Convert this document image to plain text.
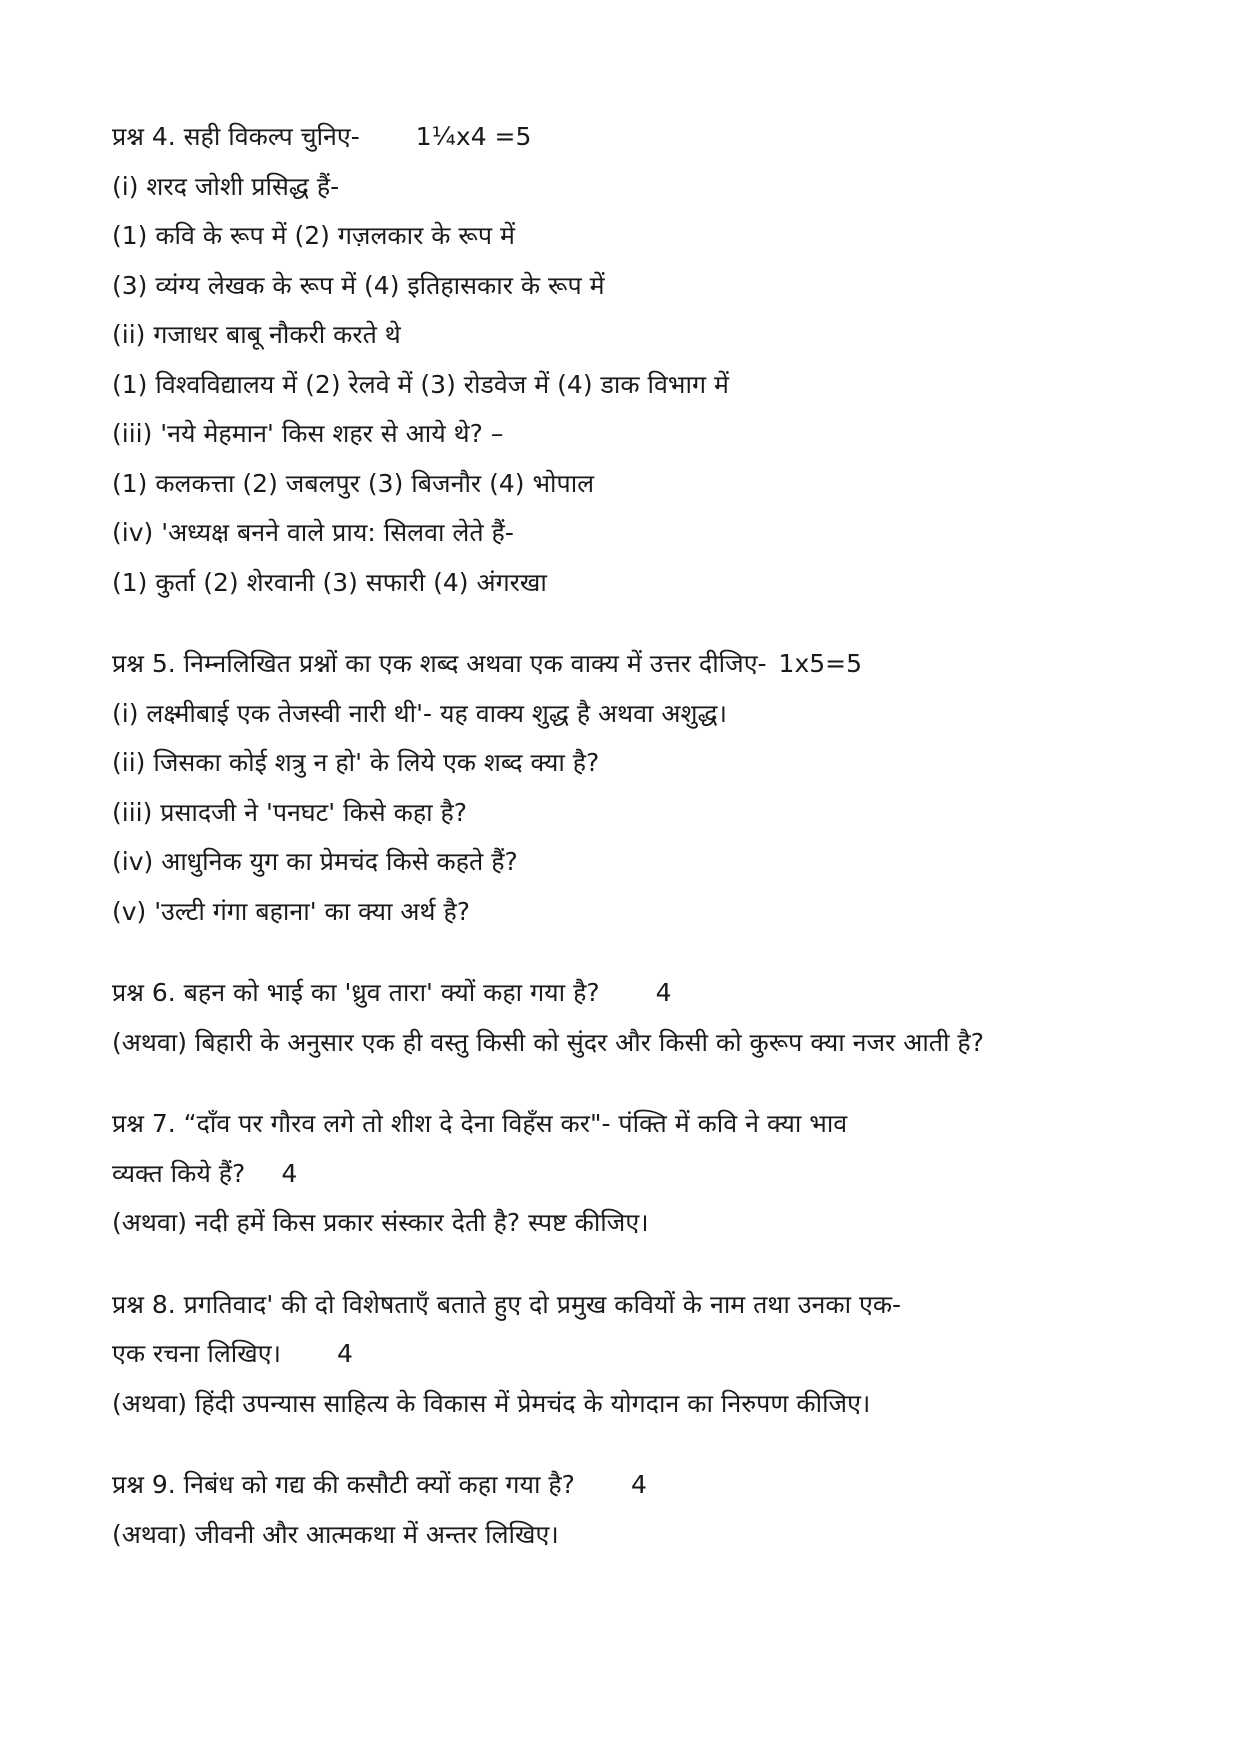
प्रश्न 4. सही विकल्प चुनिए- 1¼x4 =5
(i) शरद जोशी प्रसिद्ध हैं-
(1) कवि के रूप में (2) गज़लकार के रूप में
(3) व्यंग्य लेखक के रूप में (4) इतिहासकार के रूप में
(ii) गजाधर बाबू नौकरी करते थे
(1) विश्वविद्यालय में (2) रेलवे में (3) रोडवेज में (4) डाक विभाग में
(iii) 'नये मेहमान' किस शहर से आये थे? –
(1) कलकत्ता (2) जबलपुर (3) बिजनौर (4) भोपाल
(iv) 'अध्यक्ष बनने वाले प्राय: सिलवा लेते हैं-
(1) कुर्ता (2) शेरवानी (3) सफारी (4) अंगरखा
प्रश्न 5. निम्नलिखित प्रश्नों का एक शब्द अथवा एक वाक्य में उत्तर दीजिए- 1x5=5
(i) लक्ष्मीबाई एक तेजस्वी नारी थी'- यह वाक्य शुद्ध है अथवा अशुद्ध।
(ii) जिसका कोई शत्रु न हो' के लिये एक शब्द क्या है?
(iii) प्रसादजी ने 'पनघट' किसे कहा है?
(iv) आधुनिक युग का प्रेमचंद किसे कहते हैं?
(v) 'उल्टी गंगा बहाना' का क्या अर्थ है?
प्रश्न 6. बहन को भाई का 'ध्रुव तारा' क्यों कहा गया है? 4
(अथवा) बिहारी के अनुसार एक ही वस्तु किसी को सुंदर और किसी को कुरूप क्या नजर आती है?
प्रश्न 7. “दाँव पर गौरव लगे तो शीश दे देना विहँस कर"- पंक्ति में कवि ने क्या भाव
व्यक्त किये हैं? 4
(अथवा) नदी हमें किस प्रकार संस्कार देती है? स्पष्ट कीजिए।
प्रश्न 8. प्रगतिवाद' की दो विशेषताएँ बताते हुए दो प्रमुख कवियों के नाम तथा उनका एक-
एक रचना लिखिए। 4
(अथवा) हिंदी उपन्यास साहित्य के विकास में प्रेमचंद के योगदान का निरुपण कीजिए।
प्रश्न 9. निबंध को गद्य की कसौटी क्यों कहा गया है? 4
(अथवा) जीवनी और आत्मकथा में अन्तर लिखिए।
